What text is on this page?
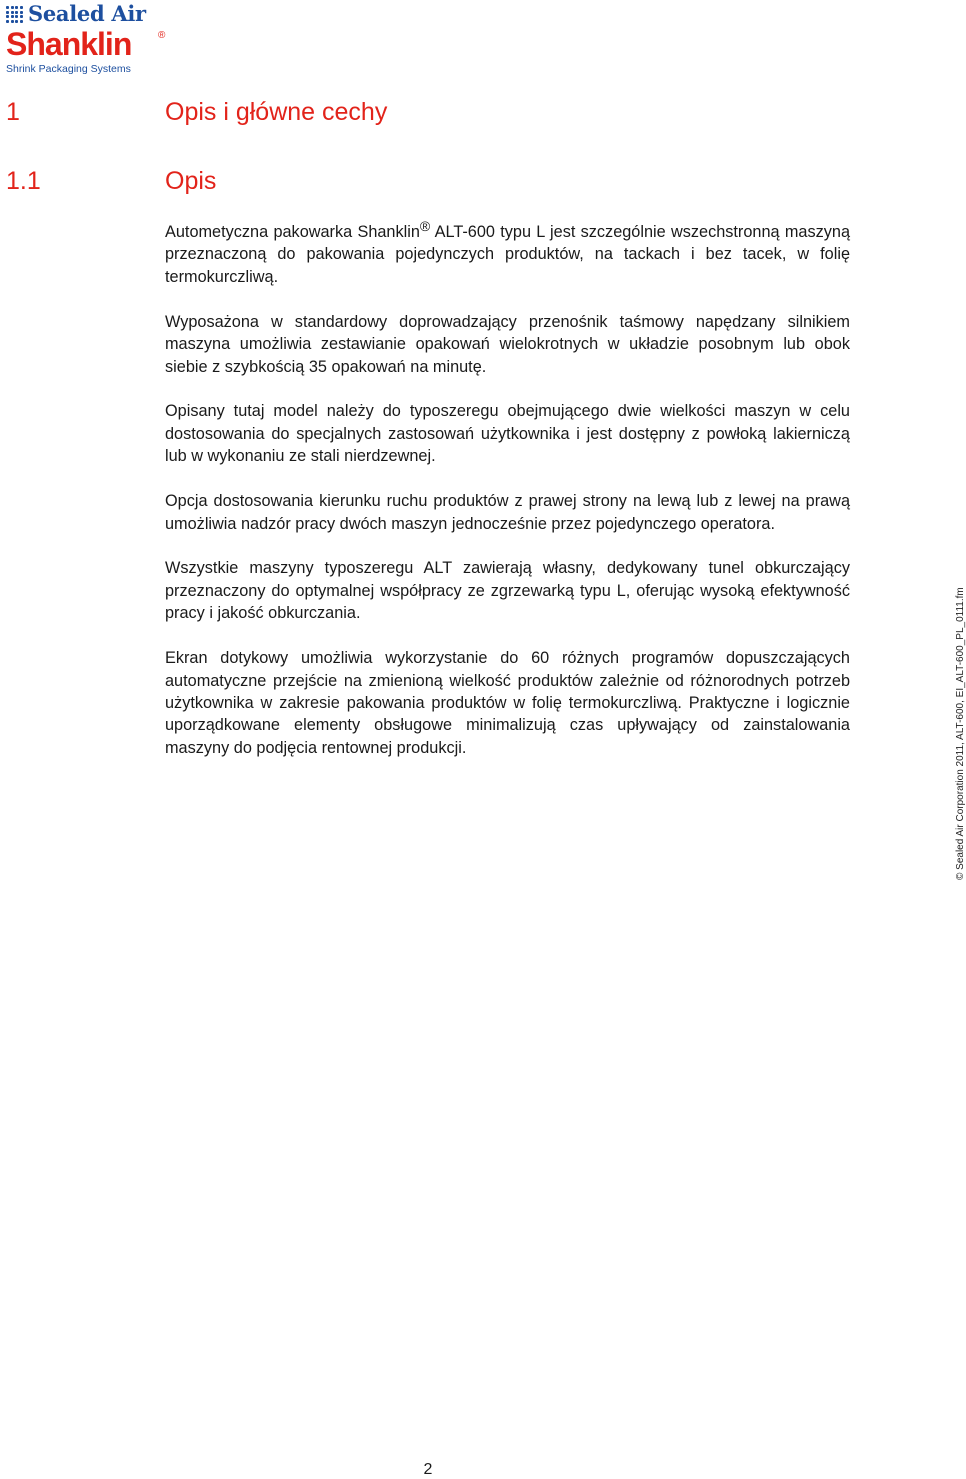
Sealed Air
Shanklin	®
Shrink Packaging Systems
1	Opis i główne cechy
1.1	Opis

Autometyczna pakowarka Shanklin® ALT-600 typu L jest szczególnie wszechstronną maszyną przeznaczoną do pakowania pojedynczych produktów, na tackach i bez tacek, w folię termokurczliwą.

Wyposażona w standardowy doprowadzający przenośnik taśmowy napędzany silnikiem maszyna umożliwia zestawianie opakowań wielokrotnych w układzie posobnym lub obok siebie z szybkością 35 opakowań na minutę.

Opisany tutaj model należy do typoszeregu obejmującego dwie wielkości maszyn w celu dostosowania do specjalnych zastosowań użytkownika i jest dostępny z powłoką lakierniczą lub w wykonaniu ze stali nierdzewnej.

Opcja dostosowania kierunku ruchu produktów z prawej strony na lewą lub z lewej na prawą umożliwia nadzór pracy dwóch maszyn jednocześnie przez pojedynczego operatora.

Wszystkie maszyny typoszeregu ALT zawierają własny, dedykowany tunel obkurczający przeznaczony do optymalnej współpracy ze zgrzewarką typu L, oferując wysoką efektywność pracy i jakość obkurczania.

Ekran dotykowy umożliwia wykorzystanie do 60 różnych programów dopuszczających automatyczne przejście na zmienioną wielkość produktów zależnie od różnorodnych potrzeb użytkownika w zakresie pakowania produktów w folię termokurczliwą. Praktyczne i logicznie uporządkowane elementy obsługowe minimalizują czas upływający od zainstalowania maszyny do podjęcia rentownej produkcji.	© Sealed Air Corporation 2011, ALT-600, EI_ALT-600_PL_0111.fm
2
